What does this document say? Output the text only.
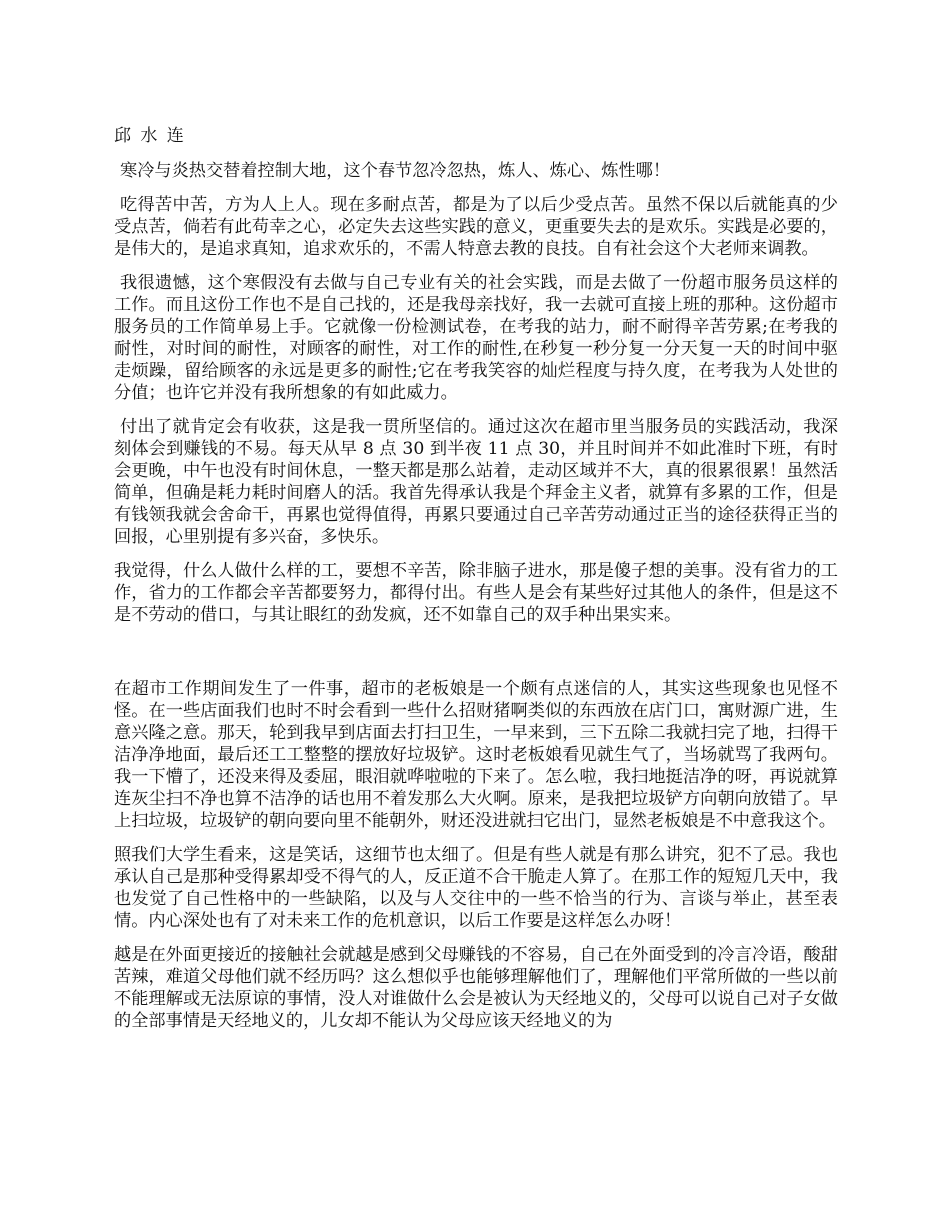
邱 水 连

寒冷与炎热交替着控制大地，这个春节忽冷忽热，炼人、炼心、炼性哪！

吃得苦中苦，方为人上人。现在多耐点苦，都是为了以后少受点苦。虽然不保以后就能真的少受点苦，倘若有此苟幸之心，必定失去这些实践的意义，更重要失去的是欢乐。实践是必要的，是伟大的，是追求真知，追求欢乐的，不需人特意去教的良技。自有社会这个大老师来调教。

我很遗憾，这个寒假没有去做与自己专业有关的社会实践，而是去做了一份超市服务员这样的工作。而且这份工作也不是自己找的，还是我母亲找好，我一去就可直接上班的那种。这份超市服务员的工作简单易上手。它就像一份检测试卷，在考我的站力，耐不耐得辛苦劳累;在考我的耐性，对时间的耐性，对顾客的耐性，对工作的耐性,在秒复一秒分复一分天复一天的时间中驱走烦躁，留给顾客的永远是更多的耐性;它在考我笑容的灿烂程度与持久度，在考我为人处世的分值；也许它并没有我所想象的有如此威力。

付出了就肯定会有收获，这是我一贯所坚信的。通过这次在超市里当服务员的实践活动，我深刻体会到赚钱的不易。每天从早 8 点 30 到半夜 11 点 30，并且时间并不如此准时下班，有时会更晚，中午也没有时间休息，一整天都是那么站着，走动区域并不大，真的很累很累！虽然活简单，但确是耗力耗时间磨人的活。我首先得承认我是个拜金主义者，就算有多累的工作，但是有钱领我就会舍命干，再累也觉得值得，再累只要通过自己辛苦劳动通过正当的途径获得正当的回报，心里别提有多兴奋，多快乐。

我觉得，什么人做什么样的工，要想不辛苦，除非脑子进水，那是傻子想的美事。没有省力的工作，省力的工作都会辛苦都要努力，都得付出。有些人是会有某些好过其他人的条件，但是这不是不劳动的借口，与其让眼红的劲发疯，还不如靠自己的双手种出果实来。

在超市工作期间发生了一件事，超市的老板娘是一个颇有点迷信的人，其实这些现象也见怪不怪。在一些店面我们也时不时会看到一些什么招财猪啊类似的东西放在店门口，寓财源广进，生意兴隆之意。那天，轮到我早到店面去打扫卫生，一早来到，三下五除二我就扫完了地，扫得干洁净净地面，最后还工工整整的摆放好垃圾铲。这时老板娘看见就生气了，当场就骂了我两句。我一下懵了，还没来得及委屈，眼泪就哗啦啦的下来了。怎么啦，我扫地挺洁净的呀，再说就算连灰尘扫不净也算不洁净的话也用不着发那么大火啊。原来，是我把垃圾铲方向朝向放错了。早上扫垃圾，垃圾铲的朝向要向里不能朝外，财还没进就扫它出门，显然老板娘是不中意我这个。

照我们大学生看来，这是笑话，这细节也太细了。但是有些人就是有那么讲究，犯不了忌。我也承认自己是那种受得累却受不得气的人，反正道不合干脆走人算了。在那工作的短短几天中，我也发觉了自己性格中的一些缺陷，以及与人交往中的一些不恰当的行为、言谈与举止，甚至表情。内心深处也有了对未来工作的危机意识，以后工作要是这样怎么办呀！

越是在外面更接近的接触社会就越是感到父母赚钱的不容易，自己在外面受到的冷言冷语，酸甜苦辣，难道父母他们就不经历吗？这么想似乎也能够理解他们了，理解他们平常所做的一些以前不能理解或无法原谅的事情，没人对谁做什么会是被认为天经地义的，父母可以说自己对子女做的全部事情是天经地义的，儿女却不能认为父母应该天经地义的为
